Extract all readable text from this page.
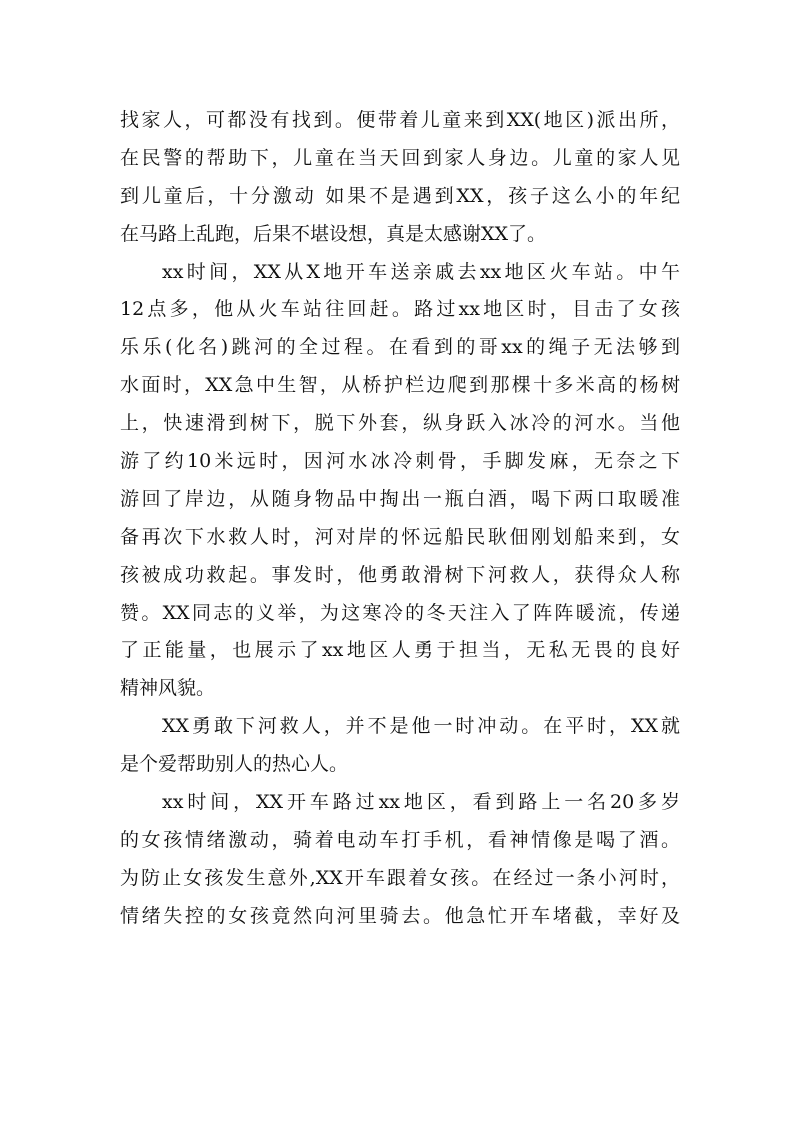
找家人，可都没有找到。便带着儿童来到XX(地区)派出所，
在民警的帮助下，儿童在当天回到家人身边。儿童的家人见
到儿童后，十分激动 如果不是遇到XX，孩子这么小的年纪
在马路上乱跑，后果不堪设想，真是太感谢XX了。
xx时间，XX从X地开车送亲戚去xx地区火车站。中午
12点多，他从火车站往回赶。路过xx地区时，目击了女孩
乐乐(化名)跳河的全过程。在看到的哥xx的绳子无法够到
水面时，XX急中生智，从桥护栏边爬到那棵十多米高的杨树
上，快速滑到树下，脱下外套，纵身跃入冰冷的河水。当他
游了约10米远时，因河水冰冷刺骨，手脚发麻，无奈之下
游回了岸边，从随身物品中掏出一瓶白酒，喝下两口取暖准
备再次下水救人时，河对岸的怀远船民耿佃刚划船来到，女
孩被成功救起。事发时，他勇敢滑树下河救人，获得众人称
赞。XX同志的义举，为这寒冷的冬天注入了阵阵暖流，传递
了正能量，也展示了xx地区人勇于担当，无私无畏的良好
精神风貌。
XX勇敢下河救人，并不是他一时冲动。在平时，XX就
是个爱帮助别人的热心人。
xx时间，XX开车路过xx地区，看到路上一名20多岁
的女孩情绪激动，骑着电动车打手机，看神情像是喝了酒。
为防止女孩发生意外,XX开车跟着女孩。在经过一条小河时，
情绪失控的女孩竟然向河里骑去。他急忙开车堵截，幸好及
